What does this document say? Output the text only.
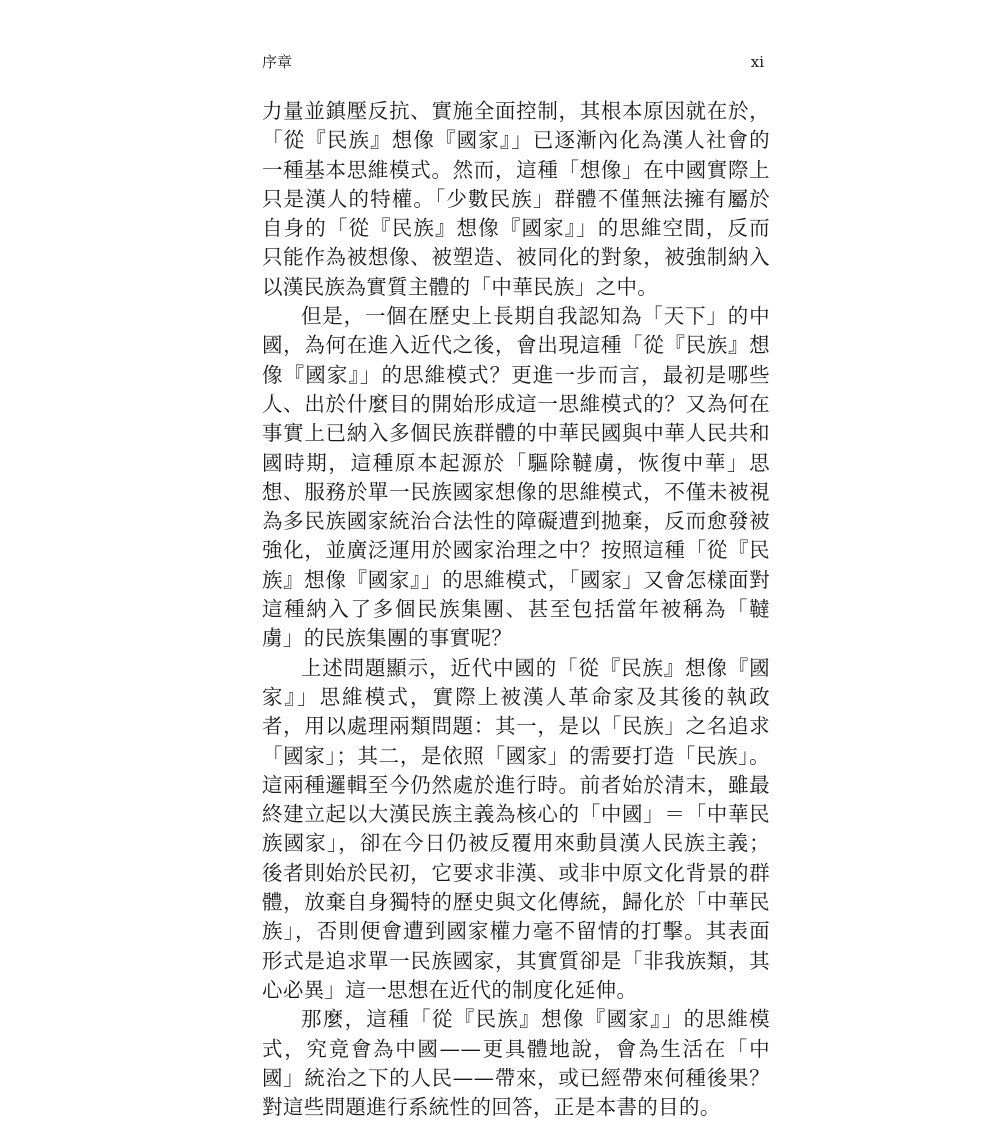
序章	xi

力量並鎮壓反抗、實施全面控制，其根本原因就在於，「從『民族』想像『國家』」已逐漸內化為漢人社會的一種基本思維模式。然而，這種「想像」在中國實際上只是漢人的特權。「少數民族」群體不僅無法擁有屬於自身的「從『民族』想像『國家』」的思維空間，反而只能作為被想像、被塑造、被同化的對象，被強制納入以漢民族為實質主體的「中華民族」之中。

但是，一個在歷史上長期自我認知為「天下」的中國，為何在進入近代之後，會出現這種「從『民族』想像『國家』」的思維模式？更進一步而言，最初是哪些人、出於什麼目的開始形成這一思維模式的？又為何在事實上已納入多個民族群體的中華民國與中華人民共和國時期，這種原本起源於「驅除韃虜，恢復中華」思想、服務於單一民族國家想像的思維模式，不僅未被視為多民族國家統治合法性的障礙遭到拋棄，反而愈發被強化，並廣泛運用於國家治理之中？按照這種「從『民族』想像『國家』」的思維模式，「國家」又會怎樣面對這種納入了多個民族集團、甚至包括當年被稱為「韃虜」的民族集團的事實呢？

上述問題顯示，近代中國的「從『民族』想像『國家』」思維模式，實際上被漢人革命家及其後的執政者，用以處理兩類問題：其一，是以「民族」之名追求「國家」；其二，是依照「國家」的需要打造「民族」。這兩種邏輯至今仍然處於進行時。前者始於清末，雖最終建立起以大漢民族主義為核心的「中國」＝「中華民族國家」，卻在今日仍被反覆用來動員漢人民族主義；後者則始於民初，它要求非漢、或非中原文化背景的群體，放棄自身獨特的歷史與文化傳統，歸化於「中華民族」，否則便會遭到國家權力毫不留情的打擊。其表面形式是追求單一民族國家，其實質卻是「非我族類，其心必異」這一思想在近代的制度化延伸。

那麼，這種「從『民族』想像『國家』」的思維模式，究竟會為中國——更具體地說，會為生活在「中國」統治之下的人民——帶來，或已經帶來何種後果？對這些問題進行系統性的回答，正是本書的目的。
